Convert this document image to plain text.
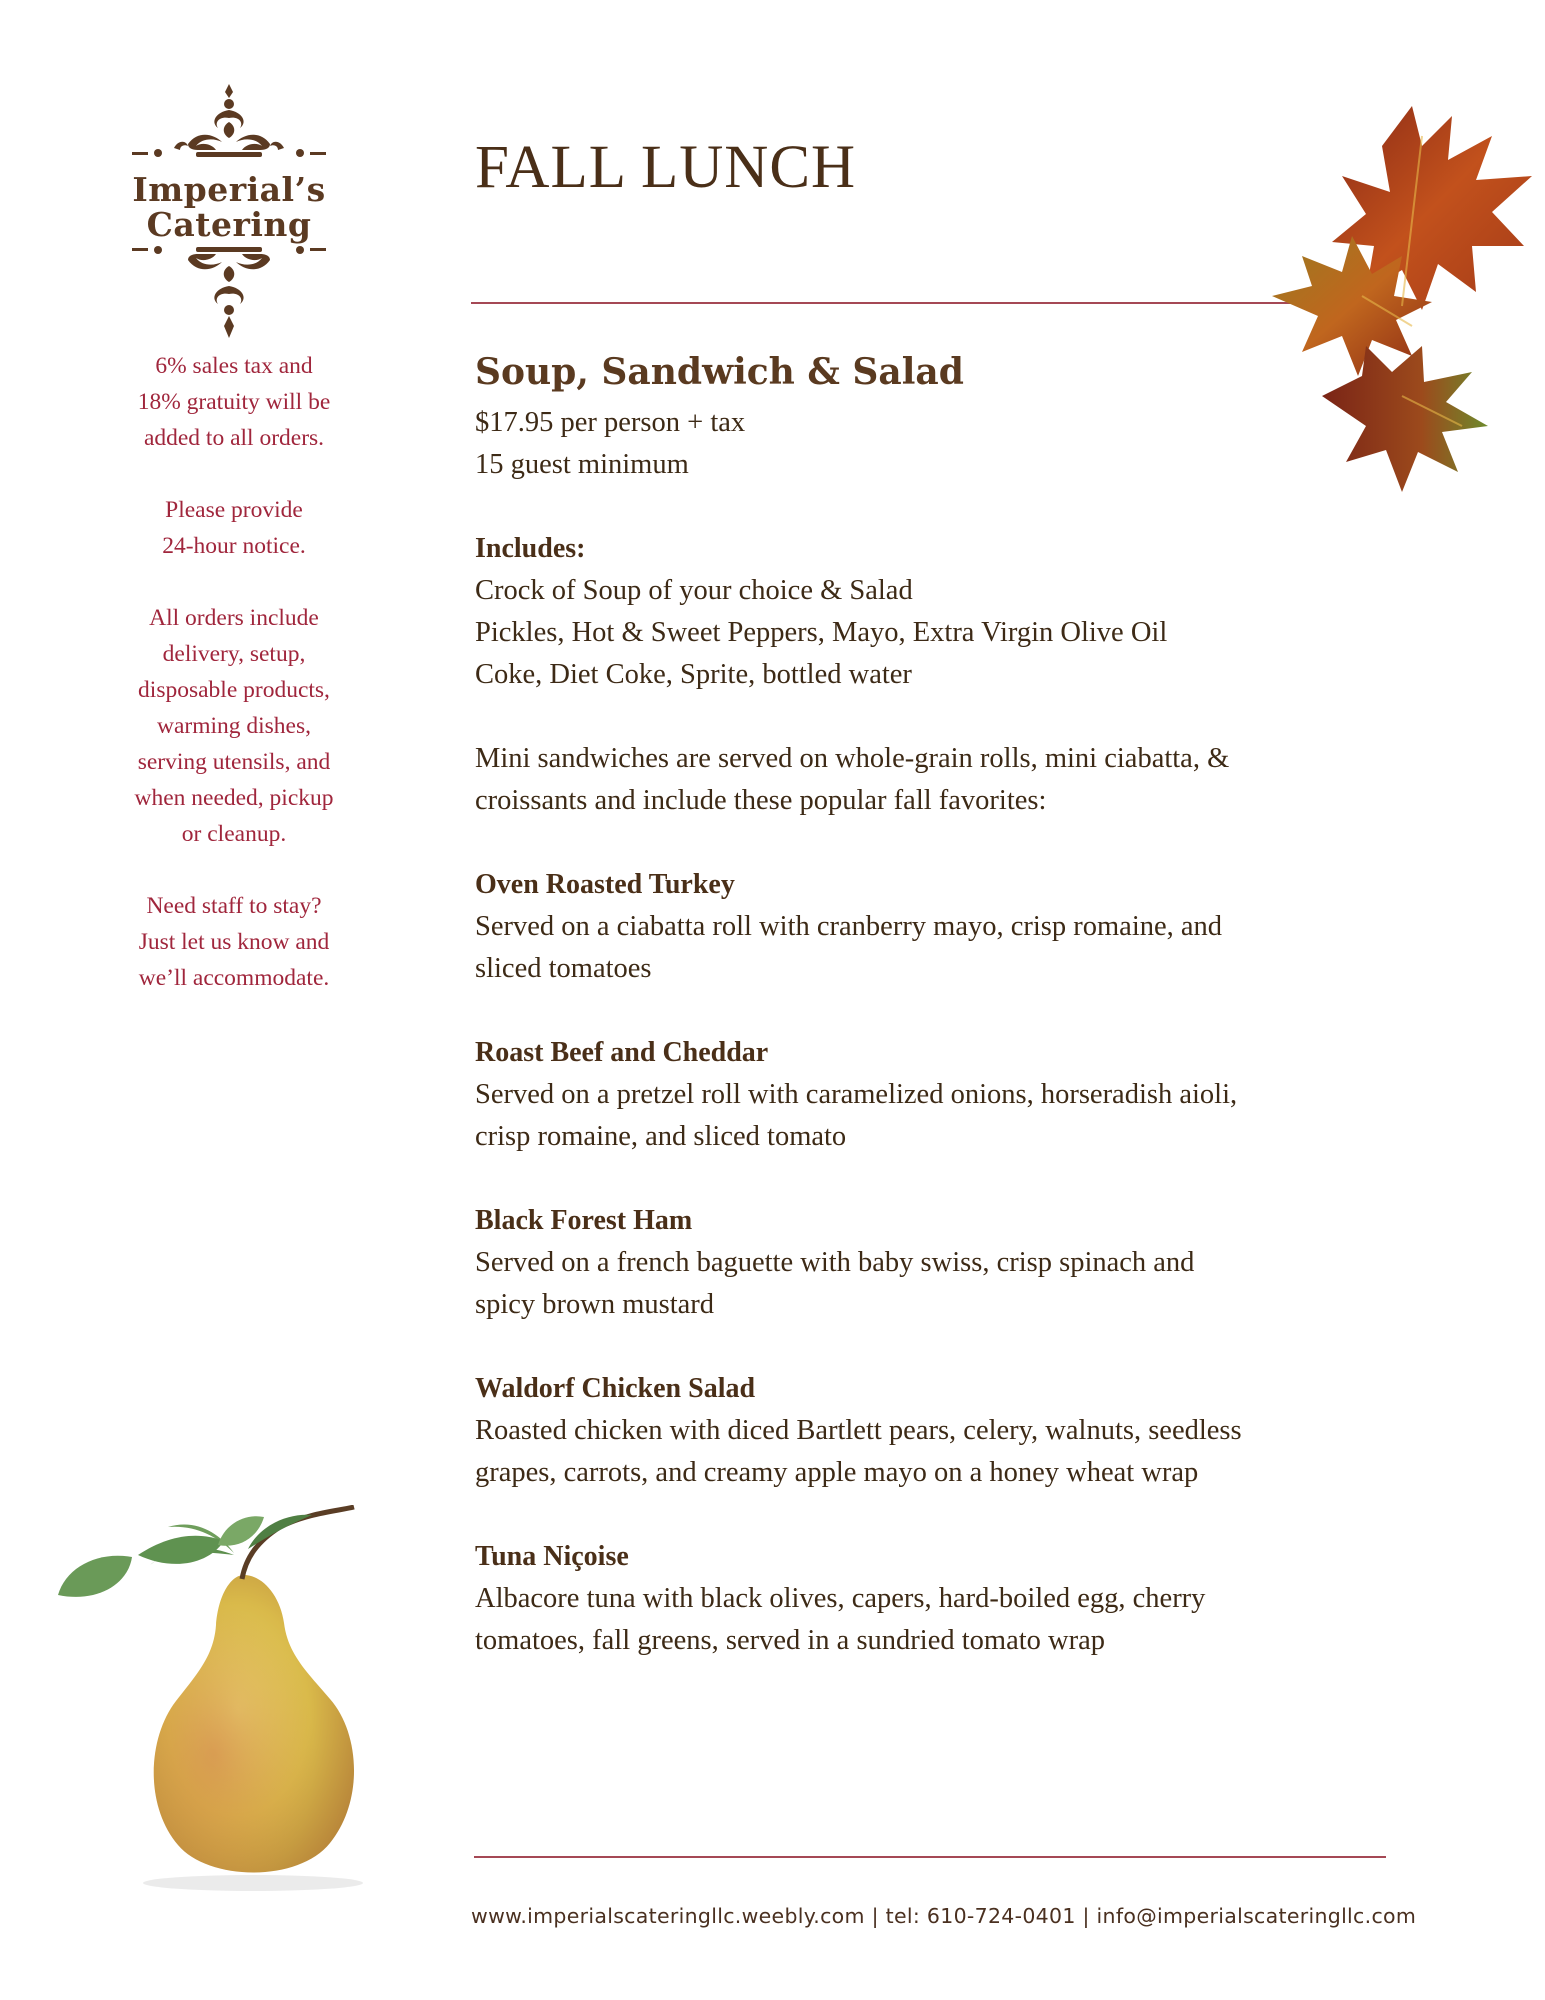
Imperial’s
Catering

6% sales tax and
18% gratuity will be
added to all orders.

Please provide
24-hour notice.

All orders include
delivery, setup,
disposable products,
warming dishes,
serving utensils, and
when needed, pickup
or cleanup.

Need staff to stay?
Just let us know and
we’ll accommodate.

FALL LUNCH
Soup, Sandwich & Salad
$17.95 per person + tax
15 guest minimum
Includes:
Crock of Soup of your choice & Salad
Pickles, Hot & Sweet Peppers, Mayo, Extra Virgin Olive Oil
Coke, Diet Coke, Sprite, bottled water
Mini sandwiches are served on whole-grain rolls, mini ciabatta, &
croissants and include these popular fall favorites:
Oven Roasted Turkey
Served on a ciabatta roll with cranberry mayo, crisp romaine, and
sliced tomatoes
Roast Beef and Cheddar
Served on a pretzel roll with caramelized onions, horseradish aioli,
crisp romaine, and sliced tomato
Black Forest Ham
Served on a french baguette with baby swiss, crisp spinach and
spicy brown mustard
Waldorf Chicken Salad
Roasted chicken with diced Bartlett pears, celery, walnuts, seedless
grapes, carrots, and creamy apple mayo on a honey wheat wrap
Tuna Niçoise
Albacore tuna with black olives, capers, hard-boiled egg, cherry
tomatoes, fall greens, served in a sundried tomato wrap
www.imperialscateringllc.weebly.com | tel: 610-724-0401 | info@imperialscateringllc.com
